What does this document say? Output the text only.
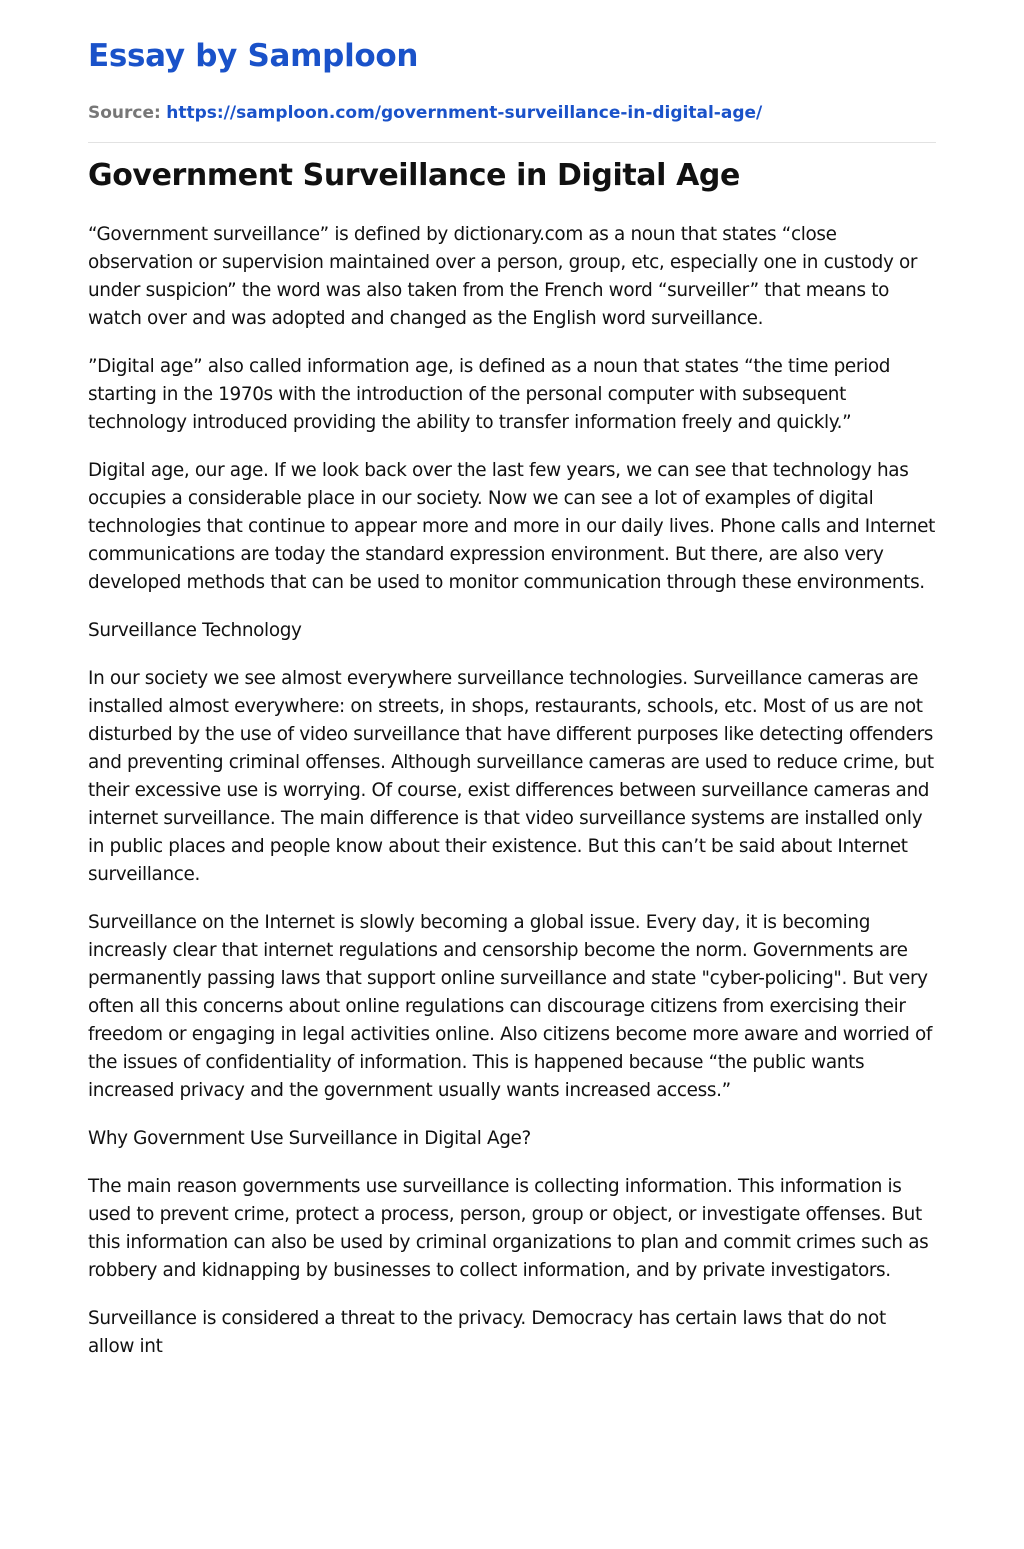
Essay by Samploon
Source: https://samploon.com/government-surveillance-in-digital-age/
Government Surveillance in Digital Age

“Government surveillance” is defined by dictionary.com as a noun that states “close observation or supervision maintained over a person, group, etc, especially one in custody or under suspicion” the word was also taken from the French word “surveiller” that means to watch over and was adopted and changed as the English word surveillance.

”Digital age” also called information age, is defined as a noun that states “the time period starting in the 1970s with the introduction of the personal computer with subsequent technology introduced providing the ability to transfer information freely and quickly.”

Digital age, our age. If we look back over the last few years, we can see that technology has occupies a considerable place in our society. Now we can see a lot of examples of digital technologies that continue to appear more and more in our daily lives. Phone calls and Internet communications are today the standard expression environment. But there, are also very developed methods that can be used to monitor communication through these environments.

Surveillance Technology

In our society we see almost everywhere surveillance technologies. Surveillance cameras are installed almost everywhere: on streets, in shops, restaurants, schools, etc. Most of us are not disturbed by the use of video surveillance that have different purposes like detecting offenders and preventing criminal offenses. Although surveillance cameras are used to reduce crime, but their excessive use is worrying. Of course, exist differences between surveillance cameras and internet surveillance. The main difference is that video surveillance systems are installed only in public places and people know about their existence. But this can’t be said about Internet surveillance.

Surveillance on the Internet is slowly becoming a global issue. Every day, it is becoming increasly clear that internet regulations and censorship become the norm. Governments are permanently passing laws that support online surveillance and state "cyber-policing". But very often all this concerns about online regulations can discourage citizens from exercising their freedom or engaging in legal activities online. Also citizens become more aware and worried of the issues of confidentiality of information. This is happened because “the public wants increased privacy and the government usually wants increased access.”

Why Government Use Surveillance in Digital Age?

The main reason governments use surveillance is collecting information. This information is used to prevent crime, protect a process, person, group or object, or investigate offenses. But this information can also be used by criminal organizations to plan and commit crimes such as robbery and kidnapping by businesses to collect information, and by private investigators.

Surveillance is considered a threat to the privacy. Democracy has certain laws that do not allow int
